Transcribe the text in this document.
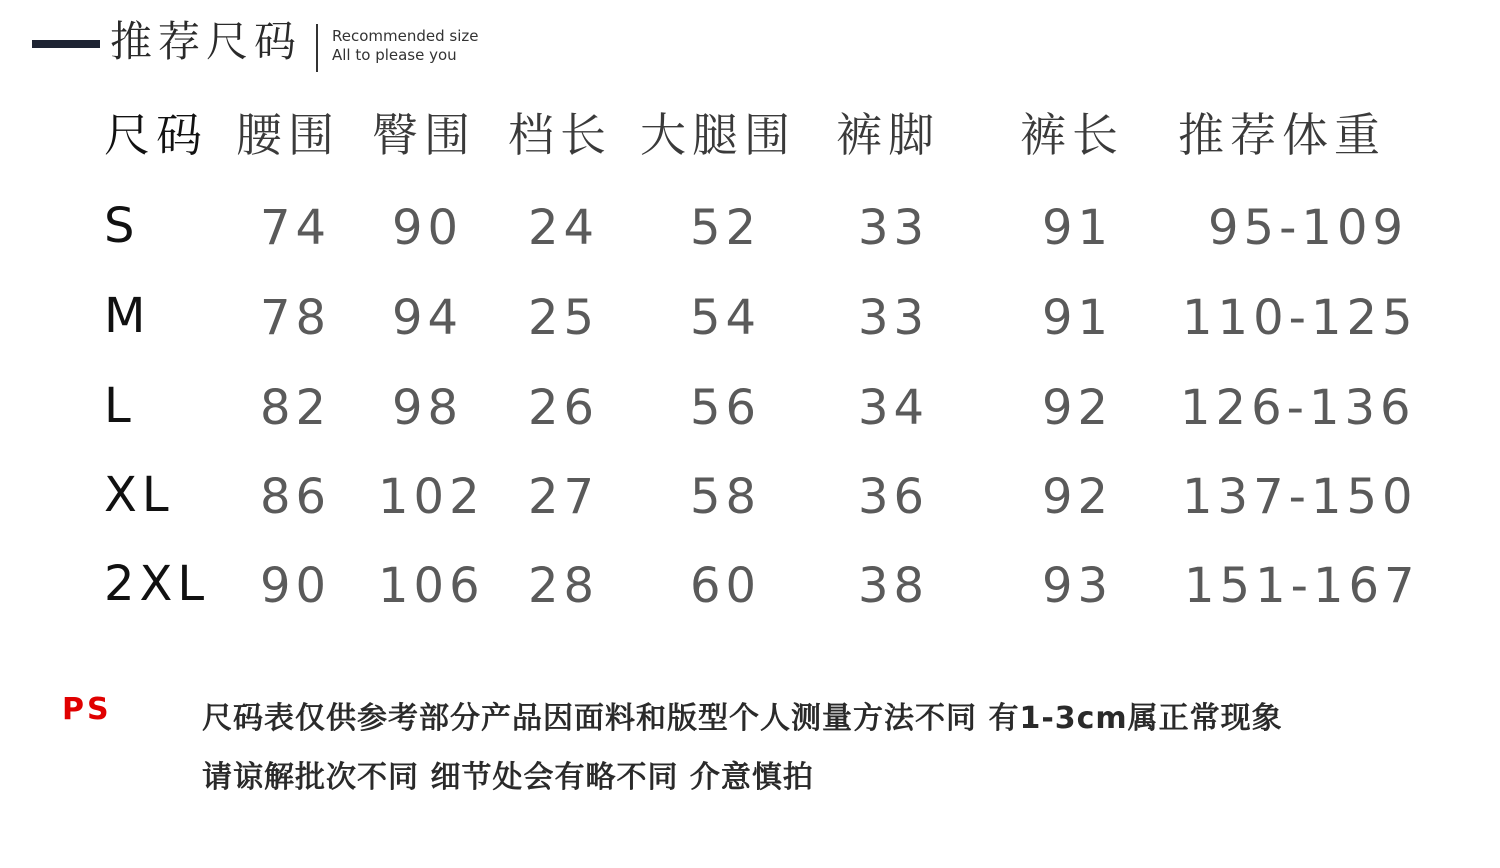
推荐尺码 Recommended size
All to please you
尺码 腰围 臀围 档长 大腿围 裤脚 裤长 推荐体重
S	74 90 24 52 33 91 95-109
M 78 94 25 54 33 91 110-125
L	82 98 26 56 34 92 126-136
XL 86 102 27 58 36 92 137-150
2XL 90 106 28 60 38 93 151-167
PS	尺码表仅供参考部分产品因面料和版型个人测量方法不同 有1-3cm属正常现象
请谅解批次不同 细节处会有略不同 介意慎拍
